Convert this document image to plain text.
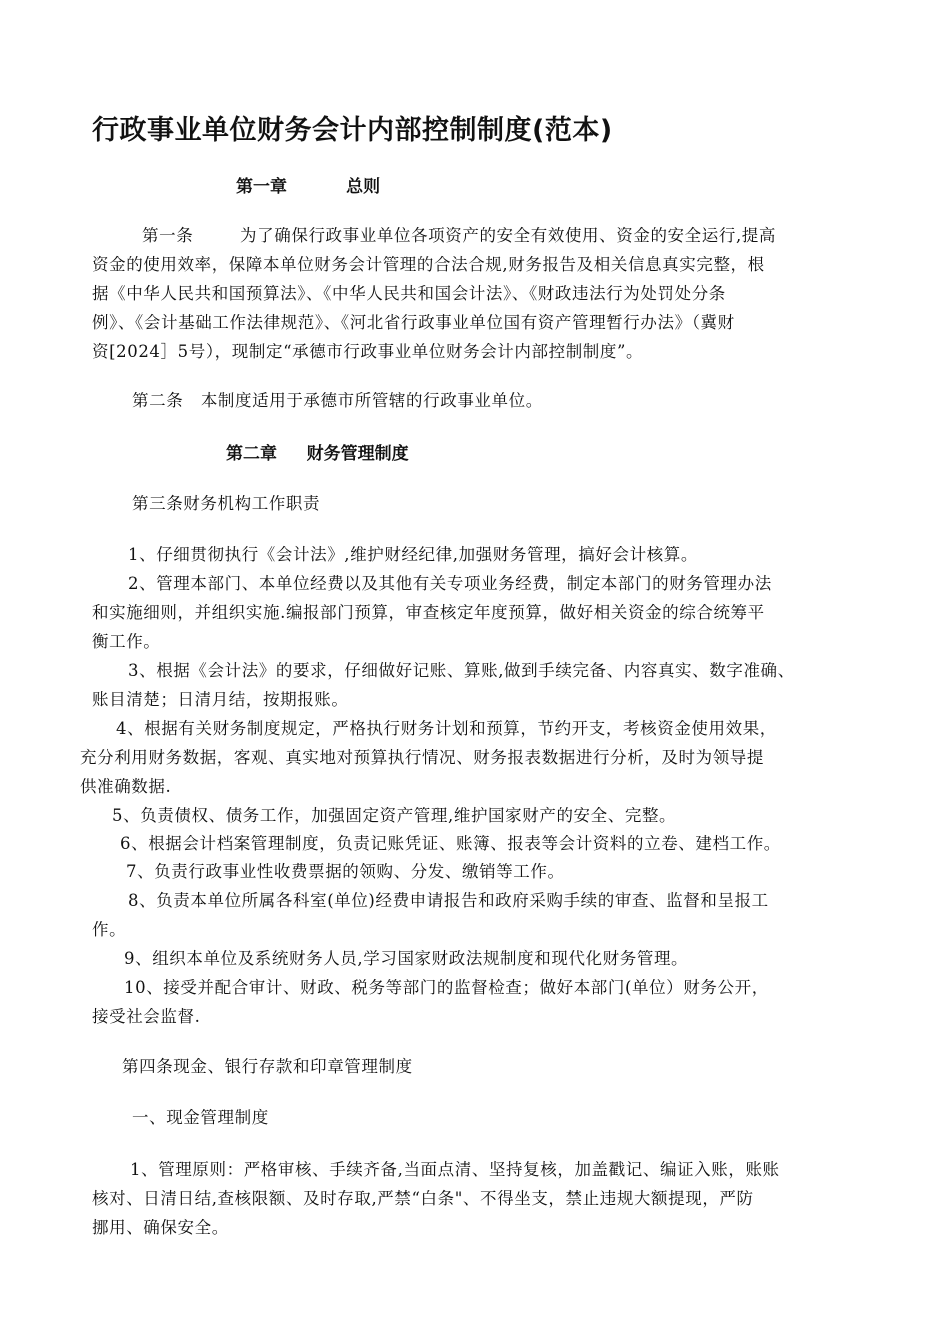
行政事业单位财务会计内部控制制度(范本)
第一章          总则
第一条        为了确保行政事业单位各项资产的安全有效使用、资金的安全运行,提高
资金的使用效率，保障本单位财务会计管理的合法合规,财务报告及相关信息真实完整，根
据《中华人民共和国预算法》、《中华人民共和国会计法》、《财政违法行为处罚处分条
例》、《会计基础工作法律规范》、《河北省行政事业单位国有资产管理暂行办法》（冀财
资[2024］5号），现制定“承德市行政事业单位财务会计内部控制制度”。
第二条   本制度适用于承德市所管辖的行政事业单位。
第二章     财务管理制度
第三条财务机构工作职责
1、仔细贯彻执行《会计法》,维护财经纪律,加强财务管理，搞好会计核算。
2、管理本部门、本单位经费以及其他有关专项业务经费，制定本部门的财务管理办法
和实施细则，并组织实施.编报部门预算，审查核定年度预算，做好相关资金的综合统筹平
衡工作。
3、根据《会计法》的要求，仔细做好记账、算账,做到手续完备、内容真实、数字准确、
账目清楚；日清月结，按期报账。
4、根据有关财务制度规定，严格执行财务计划和预算，节约开支，考核资金使用效果，
充分利用财务数据，客观、真实地对预算执行情况、财务报表数据进行分析，及时为领导提
供准确数据.
5、负责债权、债务工作，加强固定资产管理,维护国家财产的安全、完整。
6、根据会计档案管理制度，负责记账凭证、账簿、报表等会计资料的立卷、建档工作。
7、负责行政事业性收费票据的领购、分发、缴销等工作。
8、负责本单位所属各科室(单位)经费申请报告和政府采购手续的审查、监督和呈报工
作。
9、组织本单位及系统财务人员,学习国家财政法规制度和现代化财务管理。
10、接受并配合审计、财政、税务等部门的监督检查；做好本部门(单位）财务公开，
接受社会监督.
第四条现金、银行存款和印章管理制度
一、现金管理制度
1、管理原则：严格审核、手续齐备,当面点清、坚持复核，加盖戳记、编证入账，账账
核对、日清日结,查核限额、及时存取,严禁“白条"、不得坐支，禁止违规大额提现，严防
挪用、确保安全。
